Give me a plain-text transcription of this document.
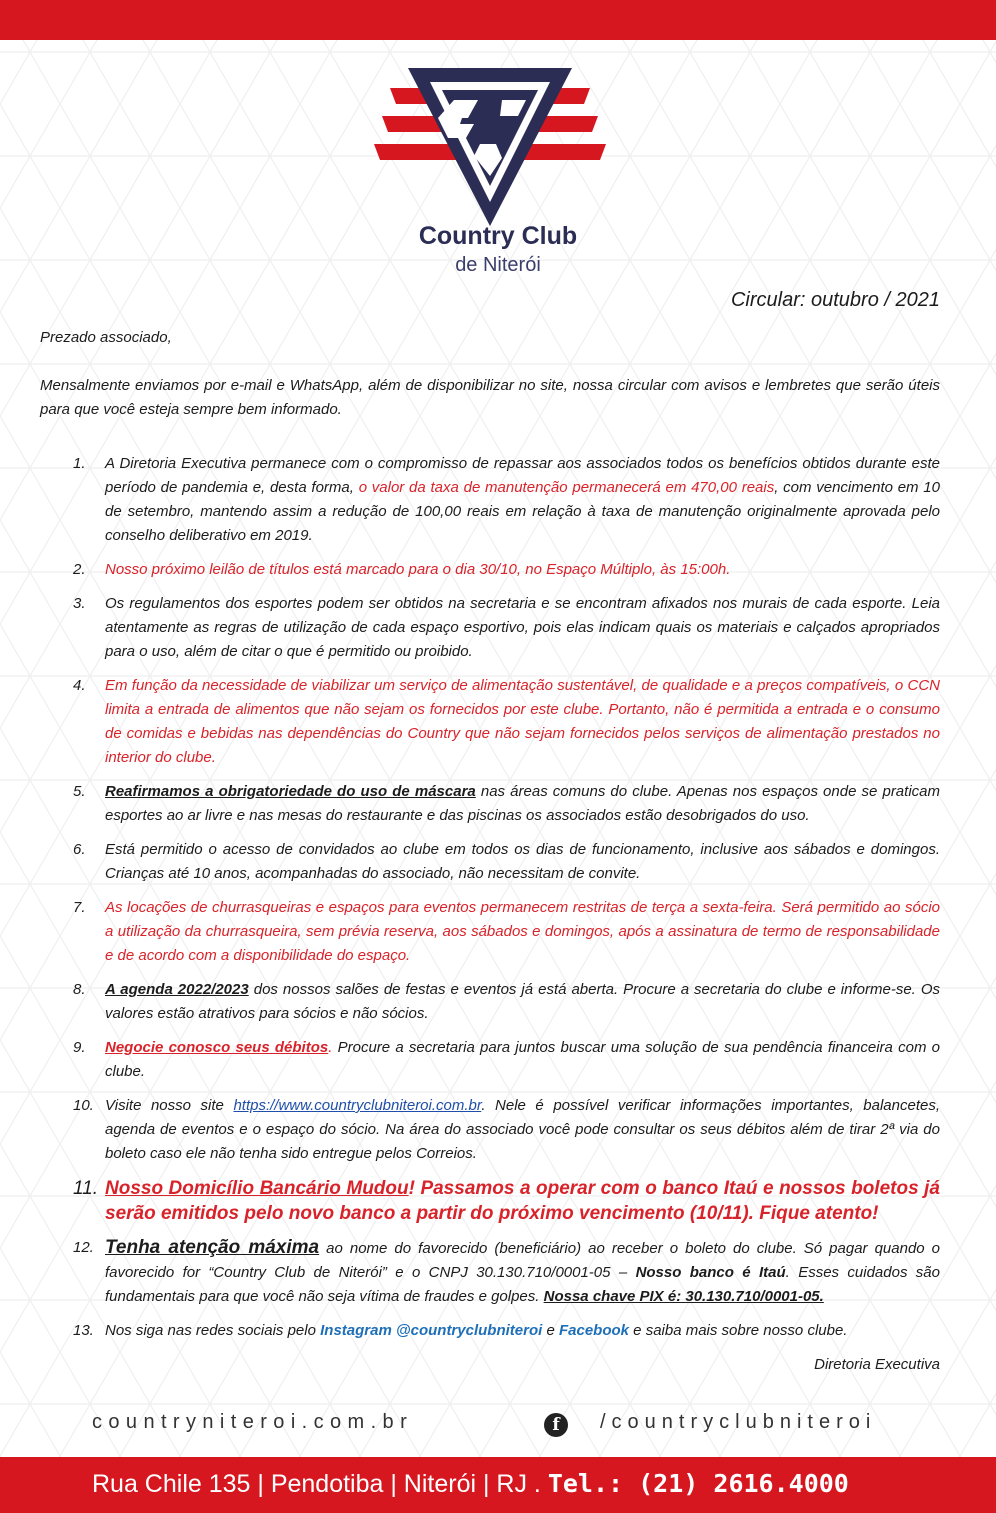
Country Club
de Niterói
Circular: outubro / 2021

Prezado associado,

Mensalmente enviamos por e-mail e WhatsApp, além de disponibilizar no site, nossa circular com avisos e lembretes que serão úteis para que você esteja sempre bem informado.

1. A Diretoria Executiva permanece com o compromisso de repassar aos associados todos os benefícios obtidos durante este período de pandemia e, desta forma, o valor da taxa de manutenção permanecerá em 470,00 reais, com vencimento em 10 de setembro, mantendo assim a redução de 100,00 reais em relação à taxa de manutenção originalmente aprovada pelo conselho deliberativo em 2019.
2. Nosso próximo leilão de títulos está marcado para o dia 30/10, no Espaço Múltiplo, às 15:00h.
3. Os regulamentos dos esportes podem ser obtidos na secretaria e se encontram afixados nos murais de cada esporte. Leia atentamente as regras de utilização de cada espaço esportivo, pois elas indicam quais os materiais e calçados apropriados para o uso, além de citar o que é permitido ou proibido.
4. Em função da necessidade de viabilizar um serviço de alimentação sustentável, de qualidade e a preços compatíveis, o CCN limita a entrada de alimentos que não sejam os fornecidos por este clube. Portanto, não é permitida a entrada e o consumo de comidas e bebidas nas dependências do Country que não sejam fornecidos pelos serviços de alimentação prestados no interior do clube.
5. Reafirmamos a obrigatoriedade do uso de máscara nas áreas comuns do clube. Apenas nos espaços onde se praticam esportes ao ar livre e nas mesas do restaurante e das piscinas os associados estão desobrigados do uso.
6. Está permitido o acesso de convidados ao clube em todos os dias de funcionamento, inclusive aos sábados e domingos. Crianças até 10 anos, acompanhadas do associado, não necessitam de convite.
7. As locações de churrasqueiras e espaços para eventos permanecem restritas de terça a sexta-feira. Será permitido ao sócio a utilização da churrasqueira, sem prévia reserva, aos sábados e domingos, após a assinatura de termo de responsabilidade e de acordo com a disponibilidade do espaço.
8. A agenda 2022/2023 dos nossos salões de festas e eventos já está aberta. Procure a secretaria do clube e informe-se. Os valores estão atrativos para sócios e não sócios.
9. Negocie conosco seus débitos. Procure a secretaria para juntos buscar uma solução de sua pendência financeira com o clube.
10. Visite nosso site https://www.countryclubniteroi.com.br. Nele é possível verificar informações importantes, balancetes, agenda de eventos e o espaço do sócio. Na área do associado você pode consultar os seus débitos além de tirar 2ª via do boleto caso ele não tenha sido entregue pelos Correios.
11. Nosso Domicílio Bancário Mudou! Passamos a operar com o banco Itaú e nossos boletos já serão emitidos pelo novo banco a partir do próximo vencimento (10/11). Fique atento!
12. Tenha atenção máxima ao nome do favorecido (beneficiário) ao receber o boleto do clube. Só pagar quando o favorecido for “Country Club de Niterói” e o CNPJ 30.130.710/0001-05 – Nosso banco é Itaú. Esses cuidados são fundamentais para que você não seja vítima de fraudes e golpes. Nossa chave PIX é: 30.130.710/0001-05.
13. Nos siga nas redes sociais pelo Instagram @countryclubniteroi e Facebook e saiba mais sobre nosso clube.

Diretoria Executiva

countryniteroi.com.br	f	/countryclubniteroi
Rua Chile 135 | Pendotiba | Niterói | RJ . Tel.: (21) 2616.4000
